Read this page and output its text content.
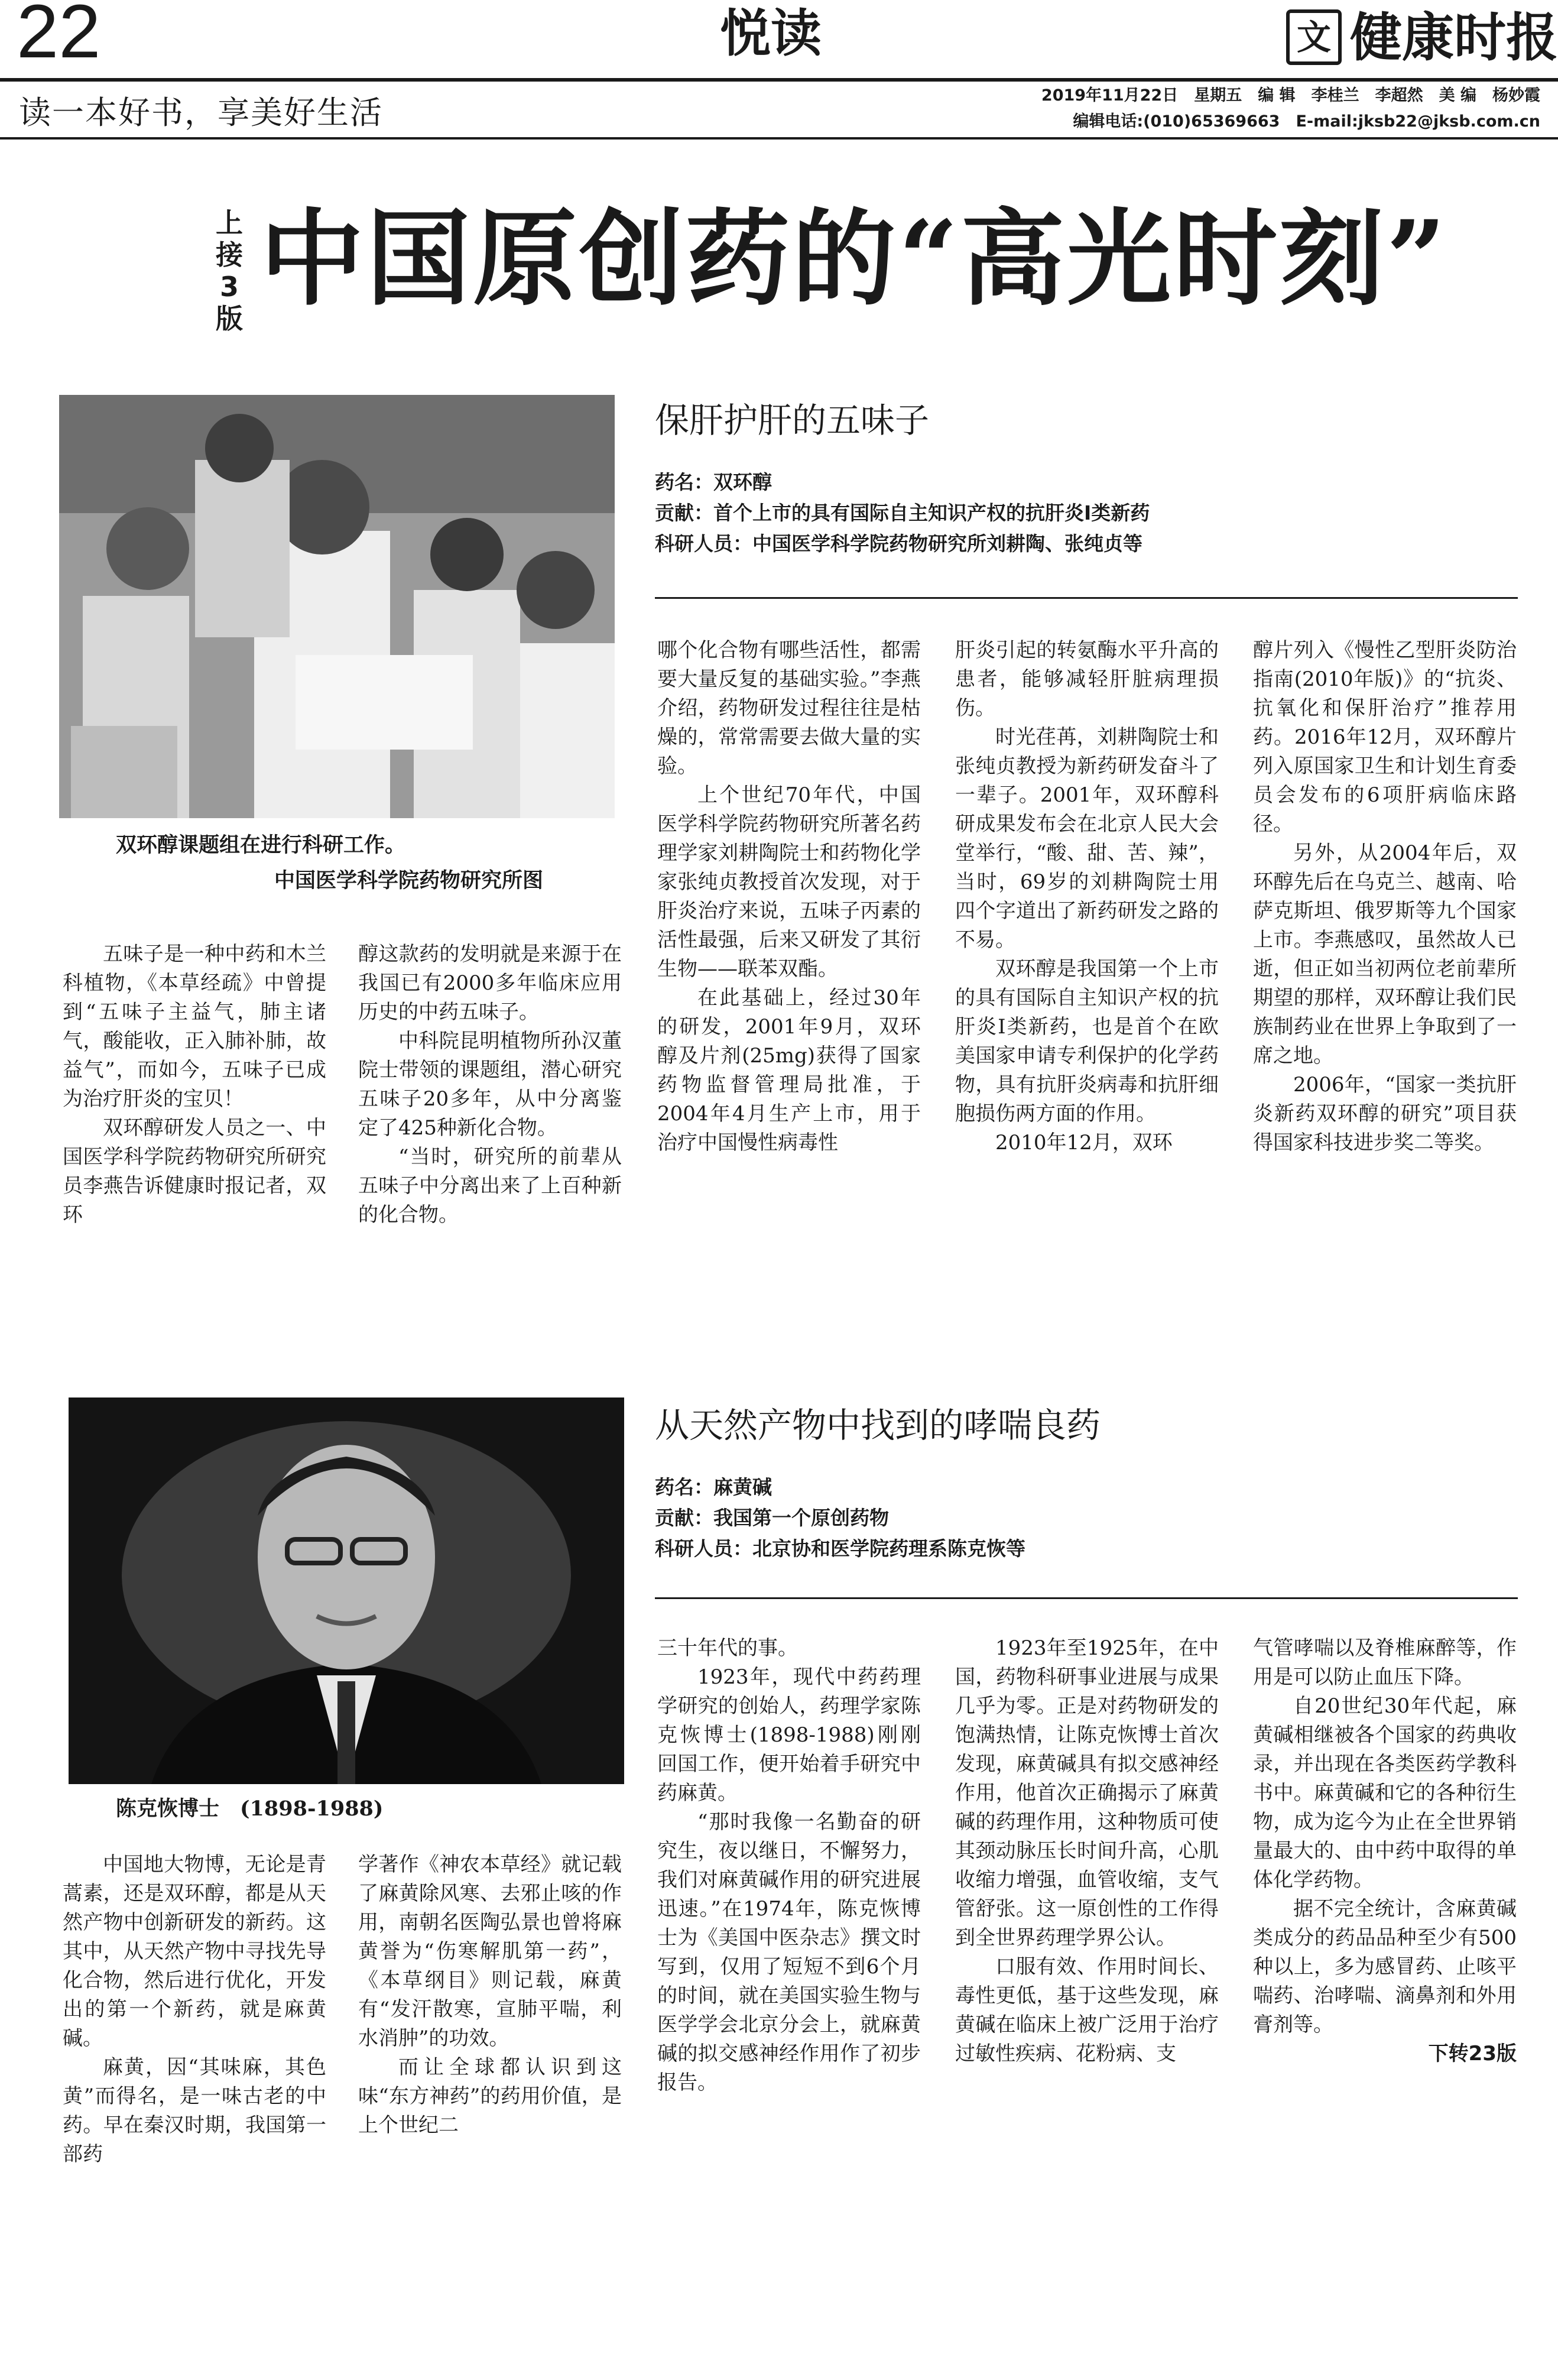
22	悦读	文 健康时报
读一本好书，享美好生活	2019年11月22日　星期五　编 辑　李桂兰　李超然　美 编　杨妙霞
编辑电话:(010)65369663　E-mail:jksb22@jksb.com.cn
上接3版 中国原创药的“高光时刻”
双环醇课题组在进行科研工作。
中国医学科学院药物研究所图
保肝护肝的五味子
药名：双环醇
贡献：首个上市的具有国际自主知识产权的抗肝炎Ⅰ类新药
科研人员：中国医学科学院药物研究所刘耕陶、张纯贞等

五味子是一种中药和木兰科植物，《本草经疏》中曾提到“五味子主益气，肺主诸气，酸能收，正入肺补肺，故益气”，而如今，五味子已成为治疗肝炎的宝贝！

双环醇研发人员之一、中国医学科学院药物研究所研究员李燕告诉健康时报记者，双环

醇这款药的发明就是来源于在我国已有2000多年临床应用历史的中药五味子。

中科院昆明植物所孙汉董院士带领的课题组，潜心研究五味子20多年，从中分离鉴定了425种新化合物。

“当时，研究所的前辈从五味子中分离出来了上百种新的化合物。

哪个化合物有哪些活性，都需要大量反复的基础实验。”李燕介绍，药物研发过程往往是枯燥的，常常需要去做大量的实验。

上个世纪70年代，中国医学科学院药物研究所著名药理学家刘耕陶院士和药物化学家张纯贞教授首次发现，对于肝炎治疗来说，五味子丙素的活性最强，后来又研发了其衍生物——联苯双酯。

在此基础上，经过30年的研发，2001年9月，双环醇及片剂(25mg)获得了国家药物监督管理局批准，于2004年4月生产上市，用于治疗中国慢性病毒性

肝炎引起的转氨酶水平升高的患者，能够减轻肝脏病理损伤。

时光荏苒，刘耕陶院士和张纯贞教授为新药研发奋斗了一辈子。2001年，双环醇科研成果发布会在北京人民大会堂举行，“酸、甜、苦、辣”，当时，69岁的刘耕陶院士用四个字道出了新药研发之路的不易。

双环醇是我国第一个上市的具有国际自主知识产权的抗肝炎Ⅰ类新药，也是首个在欧美国家申请专利保护的化学药物，具有抗肝炎病毒和抗肝细胞损伤两方面的作用。

2010年12月，双环

醇片列入《慢性乙型肝炎防治指南(2010年版)》的“抗炎、抗氧化和保肝治疗”推荐用药。2016年12月，双环醇片列入原国家卫生和计划生育委员会发布的6项肝病临床路径。

另外，从2004年后，双环醇先后在乌克兰、越南、哈萨克斯坦、俄罗斯等九个国家上市。李燕感叹，虽然故人已逝，但正如当初两位老前辈所期望的那样，双环醇让我们民族制药业在世界上争取到了一席之地。

2006年，“国家一类抗肝炎新药双环醇的研究”项目获得国家科技进步奖二等奖。

陈克恢博士　(1898-1988)
从天然产物中找到的哮喘良药
药名：麻黄碱
贡献：我国第一个原创药物
科研人员：北京协和医学院药理系陈克恢等

中国地大物博，无论是青蒿素，还是双环醇，都是从天然产物中创新研发的新药。这其中，从天然产物中寻找先导化合物，然后进行优化，开发出的第一个新药，就是麻黄碱。

麻黄，因“其味麻，其色黄”而得名，是一味古老的中药。早在秦汉时期，我国第一部药

学著作《神农本草经》就记载了麻黄除风寒、去邪止咳的作用，南朝名医陶弘景也曾将麻黄誉为“伤寒解肌第一药”，《本草纲目》则记载，麻黄有“发汗散寒，宣肺平喘，利水消肿”的功效。

而让全球都认识到这味“东方神药”的药用价值，是上个世纪二

三十年代的事。

1923年，现代中药药理学研究的创始人，药理学家陈克恢博士(1898-1988)刚刚回国工作，便开始着手研究中药麻黄。

“那时我像一名勤奋的研究生，夜以继日，不懈努力，我们对麻黄碱作用的研究进展迅速。”在1974年，陈克恢博士为《美国中医杂志》撰文时写到，仅用了短短不到6个月的时间，就在美国实验生物与医学学会北京分会上，就麻黄碱的拟交感神经作用作了初步报告。

1923年至1925年，在中国，药物科研事业进展与成果几乎为零。正是对药物研发的饱满热情，让陈克恢博士首次发现，麻黄碱具有拟交感神经作用，他首次正确揭示了麻黄碱的药理作用，这种物质可使其颈动脉压长时间升高，心肌收缩力增强，血管收缩，支气管舒张。这一原创性的工作得到全世界药理学界公认。

口服有效、作用时间长、毒性更低，基于这些发现，麻黄碱在临床上被广泛用于治疗过敏性疾病、花粉病、支

气管哮喘以及脊椎麻醉等，作用是可以防止血压下降。

自20世纪30年代起，麻黄碱相继被各个国家的药典收录，并出现在各类医药学教科书中。麻黄碱和它的各种衍生物，成为迄今为止在全世界销量最大的、由中药中取得的单体化学药物。

据不完全统计，含麻黄碱类成分的药品品种至少有500种以上，多为感冒药、止咳平喘药、治哮喘、滴鼻剂和外用膏剂等。

下转23版
